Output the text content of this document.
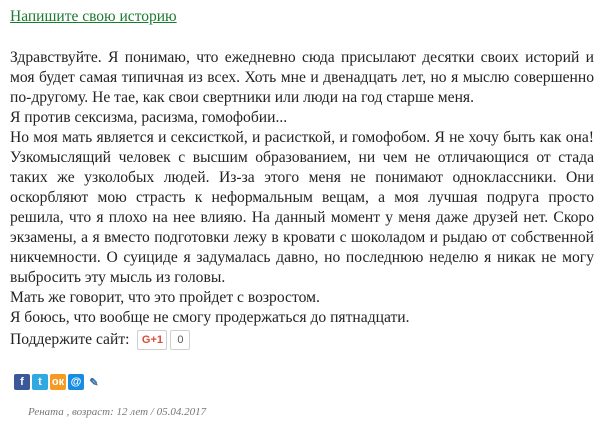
Напишите свою историю

Здравствуйте. Я понимаю, что ежедневно сюда присылают десятки своих историй и моя будет самая типичная из всех. Хоть мне и двенадцать лет, но я мыслю совершенно по-другому. Не тае, как свои свертники или люди на год старше меня.

Я против сексизма, расизма, гомофобии...

Но моя мать является и сексисткой, и расисткой, и гомофобом. Я не хочу быть как она! Узкомыслящий человек с высшим образованием, ни чем не отличающися от стада таких же узколобых людей. Из-за этого меня не понимают одноклассники. Они оскорбляют мою страсть к неформальным вещам, а моя лучшая подруга просто решила, что я плохо на нее влияю. На данный момент у меня даже друзей нет. Скоро экзамены, а я вместо подготовки лежу в кровати с шоколадом и рыдаю от собственной никчемности. О суициде я задумалась давно, но последнюю неделю я никак не могу выбросить эту мысль из головы.

Мать же говорит, что это пройдет с возростом.

Я боюсь, что вообще не смогу продержаться до пятнадцати.

Поддержите сайт:	G+1	0
f	t ок @ ✎
Рената , возраст: 12 лет / 05.04.2017
